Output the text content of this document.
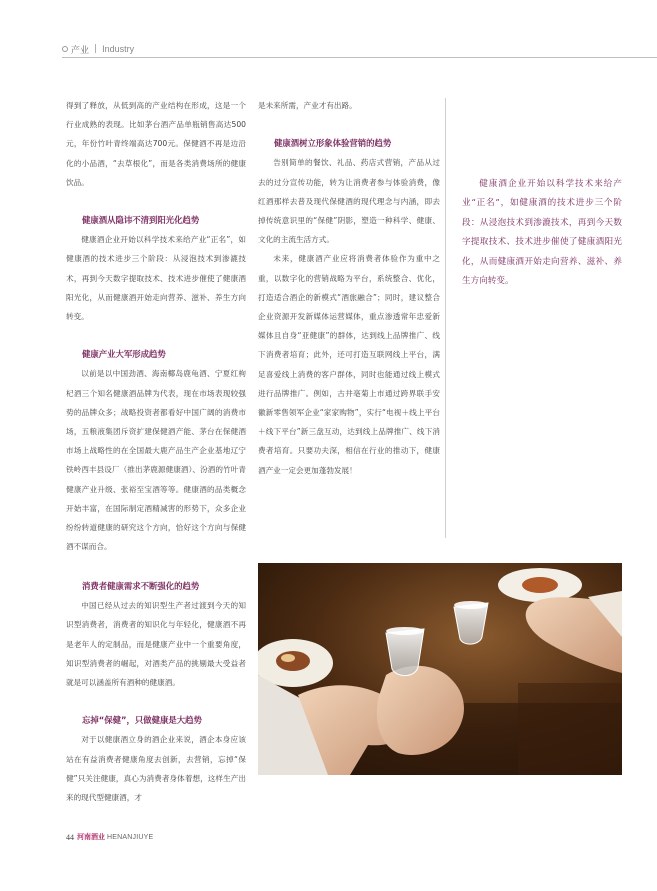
产业 | Industry

得到了释放，从低到高的产业结构在形成，这是一个行业成熟的表现。比如茅台酒产品单瓶销售高达500元，年份竹叶青终端高达700元。保健酒不再是边沿化的小品酒，“去草根化”，而是各类消费场所的健康饮品。

健康酒从隐讳不清到阳光化趋势

健康酒企业开始以科学技术来给产业“正名”，如健康酒的技术进步三个阶段：从浸泡技术到渗漉技术，再到今天数字提取技术、技术进步催使了健康酒阳光化，从而健康酒开始走向营养、滋补、养生方向转变。

健康产业大军形成趋势

以前是以中国劲酒、海南椰岛鹿龟酒、宁夏红枸杞酒三个知名健康酒品牌为代表，现在市场表现较强势的品牌众多；战略投资者都看好中国广阔的消费市场，五粮液集团斥资扩建保健酒产能、茅台在保健酒市场上战略性的在全国最大鹿产品生产企业基地辽宁铁岭西丰县设厂（推出茅鹿源健康酒）、汾酒的竹叶青健康产业升级、张裕至宝酒等等。健康酒的品类概念开始丰富，在国际制定酒精减害的形势下，众多企业纷纷转道健康的研究这个方向，恰好这个方向与保健酒不谋而合。

是未来所需，产业才有出路。

健康酒树立形象体验营销的趋势

告别简单的餐饮、礼品、药店式营销，产品从过去的过分宣传功能，转为让消费者参与体验消费，像红酒那样去普及现代保健酒的现代理念与内涵，即去掉传统意识里的“保健”阴影，塑造一种科学、健康、文化的主流生活方式。

未来，健康酒产业应将消费者体验作为重中之重，以数字化的营销战略为平台，系统整合、优化，打造适合酒企的新模式“酒旅融合”；同时，建议整合企业资源开发新媒体运营媒体，重点渗透常年忠爱新媒体且自身“亚健康”的群体，达到线上品牌推广、线下消费者培育；此外，还可打造互联网线上平台，满足喜爱线上消费的客户群体，同时也能通过线上模式进行品牌推广。例如，古井亳菊上市通过跨界联手安徽新零售领军企业“家家购物”，实行“电视＋线上平台＋线下平台”新三盘互动，达到线上品牌推广、线下消费者培育。只要功夫深，相信在行业的推动下，健康酒产业一定会更加蓬勃发展！

健康酒企业开始以科学技术来给产业“正名”，如健康酒的技术进步三个阶段：从浸泡技术到渗漉技术，再到今天数字提取技术、技术进步催使了健康酒阳光化，从而健康酒开始走向营养、滋补、养生方向转变。
消费者健康需求不断强化的趋势

中国已经从过去的知识型生产者过渡到今天的知识型消费者，消费者的知识化与年轻化，健康酒不再是老年人的定制品，而是健康产业中一个重要角度，知识型消费者的崛起，对酒类产品的挑剔最大受益者就是可以涵盖所有酒种的健康酒。

忘掉“保健”，只做健康是大趋势

对于以健康酒立身的酒企业来说，酒企本身应该站在有益消费者健康角度去创新，去营销，忘掉“保健”只关注健康，真心为消费者身体着想，这样生产出来的现代型健康酒，才

44 河南酒业 HENANJIUYE
